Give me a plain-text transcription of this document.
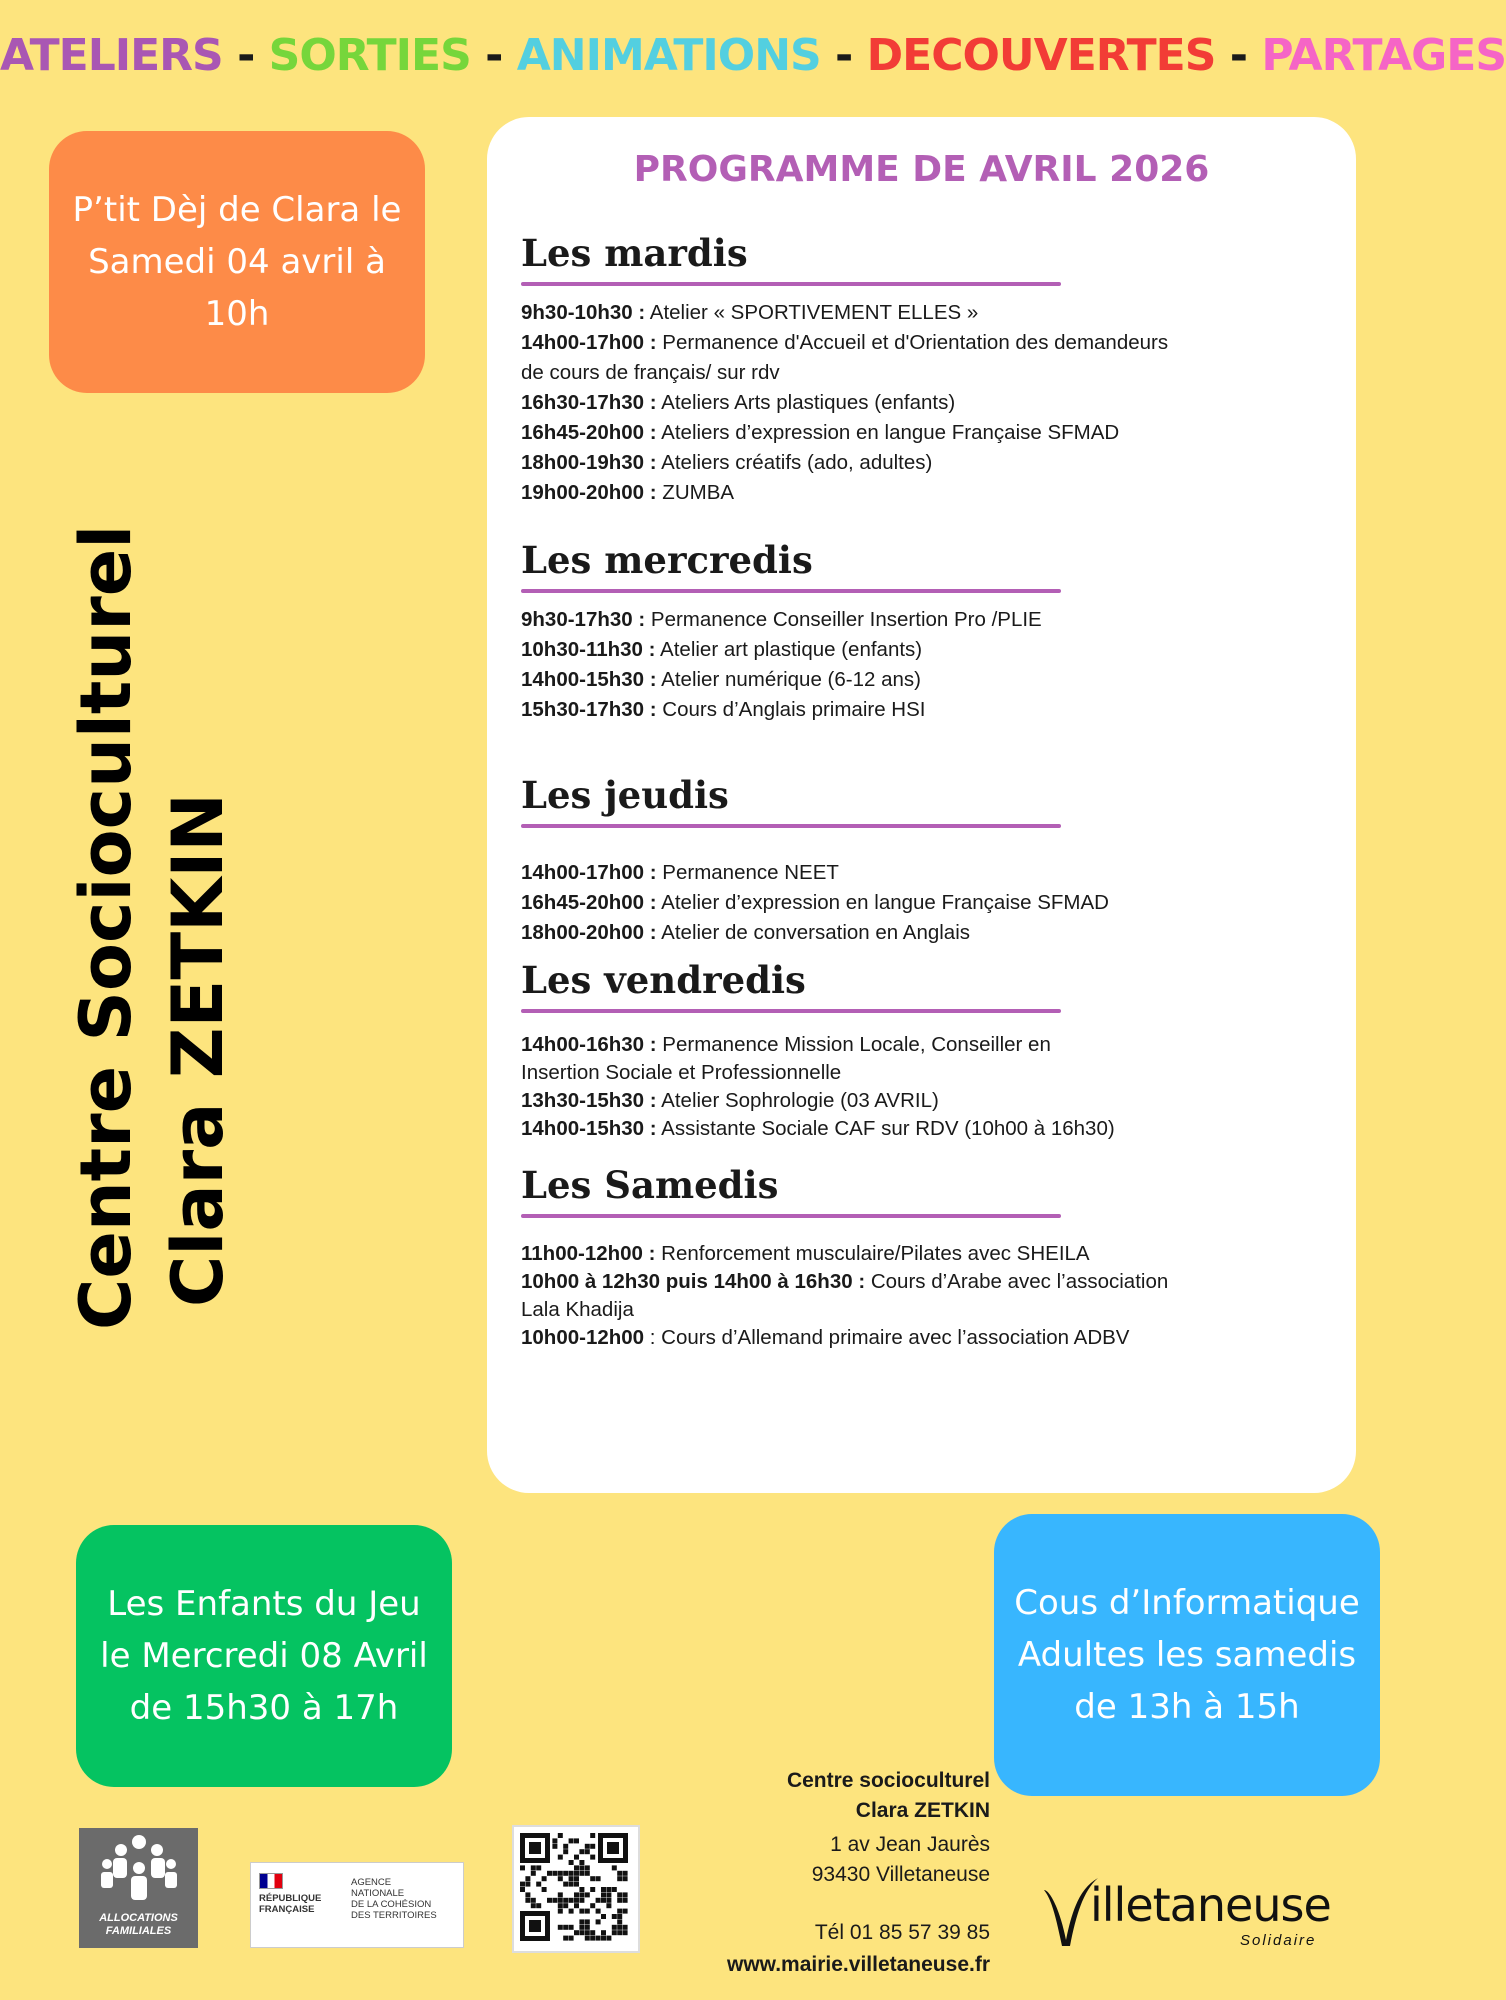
ATELIERS - SORTIES - ANIMATIONS - DECOUVERTES - PARTAGES
P’tit Dèj de Clara le
Samedi 04 avril à
10h
Centre Socioculturel Clara ZETKIN
PROGRAMME DE AVRIL 2026
Les mardis
9h30-10h30 : Atelier « SPORTIVEMENT ELLES »
14h00-17h00 : Permanence d'Accueil et d'Orientation des demandeurs
de cours de français/ sur rdv
16h30-17h30 : Ateliers Arts plastiques (enfants)
16h45-20h00 : Ateliers d’expression en langue Française SFMAD
18h00-19h30 : Ateliers créatifs (ado, adultes)
19h00-20h00 : ZUMBA
Les mercredis
9h30-17h30 : Permanence Conseiller Insertion Pro /PLIE
10h30-11h30 : Atelier art plastique (enfants)
14h00-15h30 : Atelier numérique (6-12 ans)
15h30-17h30 : Cours d’Anglais primaire HSI
Les jeudis
14h00-17h00 : Permanence NEET
16h45-20h00 : Atelier d’expression en langue Française SFMAD
18h00-20h00 : Atelier de conversation en Anglais
Les vendredis
14h00-16h30 : Permanence Mission Locale, Conseiller en
Insertion Sociale et Professionnelle
13h30-15h30 : Atelier Sophrologie (03 AVRIL)
14h00-15h30 : Assistante Sociale CAF sur RDV (10h00 à 16h30)
Les Samedis
11h00-12h00 : Renforcement musculaire/Pilates avec SHEILA
10h00 à 12h30 puis 14h00 à 16h30 : Cours d’Arabe avec l’association
Lala Khadija
10h00-12h00 : Cours d’Allemand primaire avec l’association ADBV
Les Enfants du Jeu
le Mercredi 08 Avril
de 15h30 à 17h
Cous d’Informatique
Adultes les samedis
de 13h à 15h
Centre socioculturel
Clara ZETKIN
1 av Jean Jaurès
93430 Villetaneuse
Tél 01 85 57 39 85
www.mairie.villetaneuse.fr
ALLOCATIONS
FAMILIALES
RÉPUBLIQUE
FRANÇAISE
AGENCE
NATIONALE
DE LA COHÉSION
DES TERRITOIRES	illetaneuse
Solidaire
